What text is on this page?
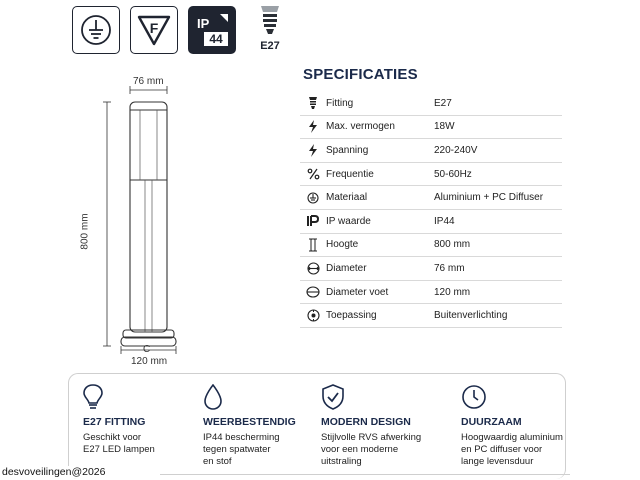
F	IP
44	E27
76 mm
800 mm
C
120 mm
SPECIFICATIES
Fitting	E27
Max. vermogen	18W
Spanning	220-240V
Frequentie	50-60Hz
Materiaal	Aluminium + PC Diffuser
IP waarde	IP44
Hoogte	800 mm
Diameter	76 mm
Diameter voet	120 mm
Toepassing	Buitenverlichting
E27 FITTING
Geschikt voor
E27 LED lampen
WEERBESTENDIG
IP44 bescherming
tegen spatwater
en stof
MODERN DESIGN
Stijlvolle RVS afwerking
voor een moderne
uitstraling
DUURZAAM
Hoogwaardig aluminium
en PC diffuser voor
lange levensduur
desvoveilingen@2026
